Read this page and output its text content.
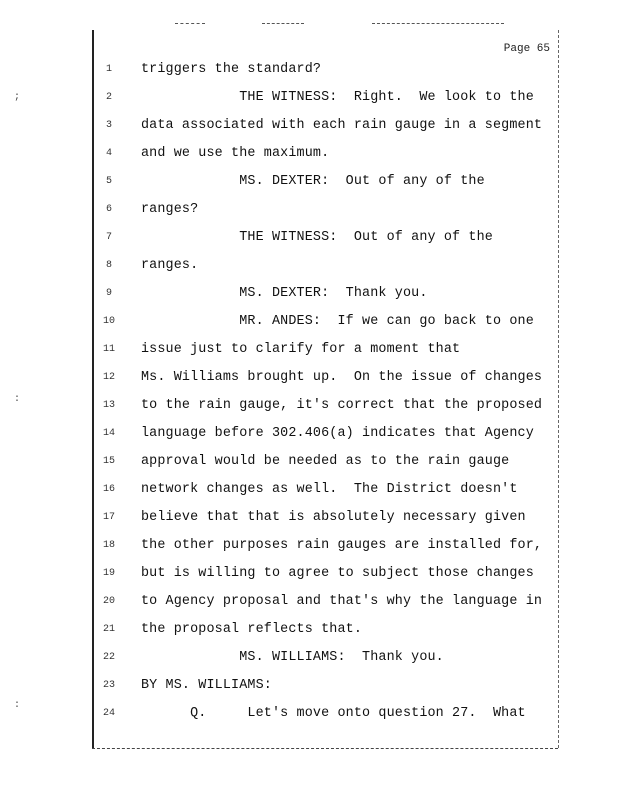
;
:
:
Page 65
1	triggers the standard?
2	THE WITNESS:  Right.  We look to the
3	data associated with each rain gauge in a segment
4	and we use the maximum.
5	MS. DEXTER:  Out of any of the
6	ranges?
7	THE WITNESS:  Out of any of the
8	ranges.
9	MS. DEXTER:  Thank you.
10	MR. ANDES:  If we can go back to one
11	issue just to clarify for a moment that
12	Ms. Williams brought up.  On the issue of changes
13	to the rain gauge, it's correct that the proposed
14	language before 302.406(a) indicates that Agency
15	approval would be needed as to the rain gauge
16	network changes as well.  The District doesn't
17	believe that that is absolutely necessary given
18	the other purposes rain gauges are installed for,
19	but is willing to agree to subject those changes
20	to Agency proposal and that's why the language in
21	the proposal reflects that.
22	MS. WILLIAMS:  Thank you.
23	BY MS. WILLIAMS:
24	Q.     Let's move onto question 27.  What
